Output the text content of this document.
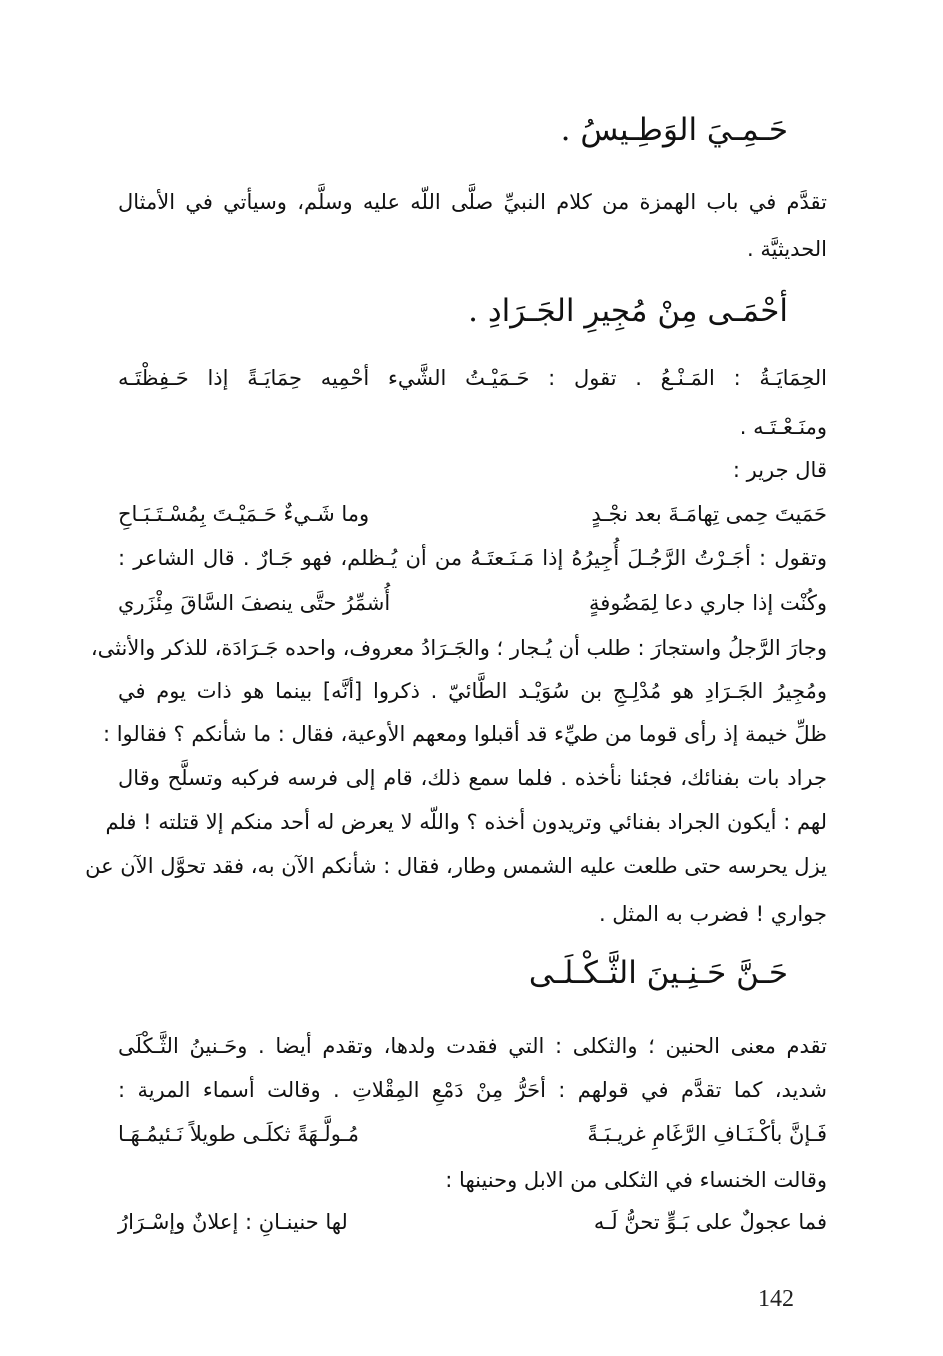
حَـمِـيَ الوَطِـيسُ .
تقدَّم في باب الهمزة من كلام النبيِّ صلَّى اللّه عليه وسلَّم، وسيأتي في الأمثال
الحديثيَّة .
أحْمَـى مِنْ مُجِيرِ الجَـرَادِ .
الحِمَايَـةُ : المَـنْـعُ . تقول : حَـمَيْـتُ الشَّيء أحْمِيه حِمَايَـةً إذا حَـفِظْتَـه
ومنَـعْـتَـه .
قال جرير :
حَمَيتَ حِمى تِهامَـةَ بعد نجْـدٍ
وما شَـيءٌ حَـمَيْـتَ بِمُسْـتَـبَـاحِ
وتقول : أجَـرْتُ الرَّجُـلَ أُجِيرُهُ إذا مَـنَـعتَـهُ من أن يُـظلم، فهو جَـارٌ . قال الشاعر :
وكُنْت إذا جاري دعا لِمَضُوفةٍ
أُشمِّرُ حتَّى ينصفَ السَّاقَ مِئْزَري
وجارَ الرَّجلُ واستجارَ : طلب أن يُـجار ؛ والجَـرَادُ معروف، واحده جَـرَادَة، للذكر والأنثى،
ومُجِيرُ الجَـرَادِ هو مُدْلِـجِ بن سُوَيْـد الطَّائيّ . ذكروا [أنَّه] بينما هو ذات يوم في
ظلِّ خيمة إذ رأى قوما من طيِّء قد أقبلوا ومعهم الأوعية، فقال : ما شأنكم ؟ فقالوا :
جراد بات بفنائك، فجئنا نأخذه . فلما سمع ذلك، قام إلى فرسه فركبه وتسلَّح وقال
لهم : أيكون الجراد بفنائي وتريدون أخذه ؟ واللّه لا يعرض له أحد منكم إلا قتلته ! فلم
يزل يحرسه حتى طلعت عليه الشمس وطار، فقال : شأنكم الآن به، فقد تحوَّل الآن عن
جواري ! فضرب به المثل .
حَـنَّ حَـنِـينَ الثَّـكْـلَـى
تقدم معنى الحنين ؛ والثكلى : التي فقدت ولدها، وتقدم أيضا . وحَـنينُ الثَّـكْلَى
شديد، كما تقدَّم في قولهم : أحَرُّ مِنْ دَمْعِ المِقْلاتِ . وقالت أسماء المرية :
فَـإنَّ بأكْـنَـافِ الرَّغَامِ غريـبَـةً
مُـولَّـهَةً ثكلَـى طويلاً نَـئيمُـهَـا
وقالت الخنساء في الثكلى من الابل وحنينها :
فما عجولٌ على بَـوٍّ تحنُّ لَـه
لها حنينـانِ : إعلانٌ وإسْـرَارُ
142
